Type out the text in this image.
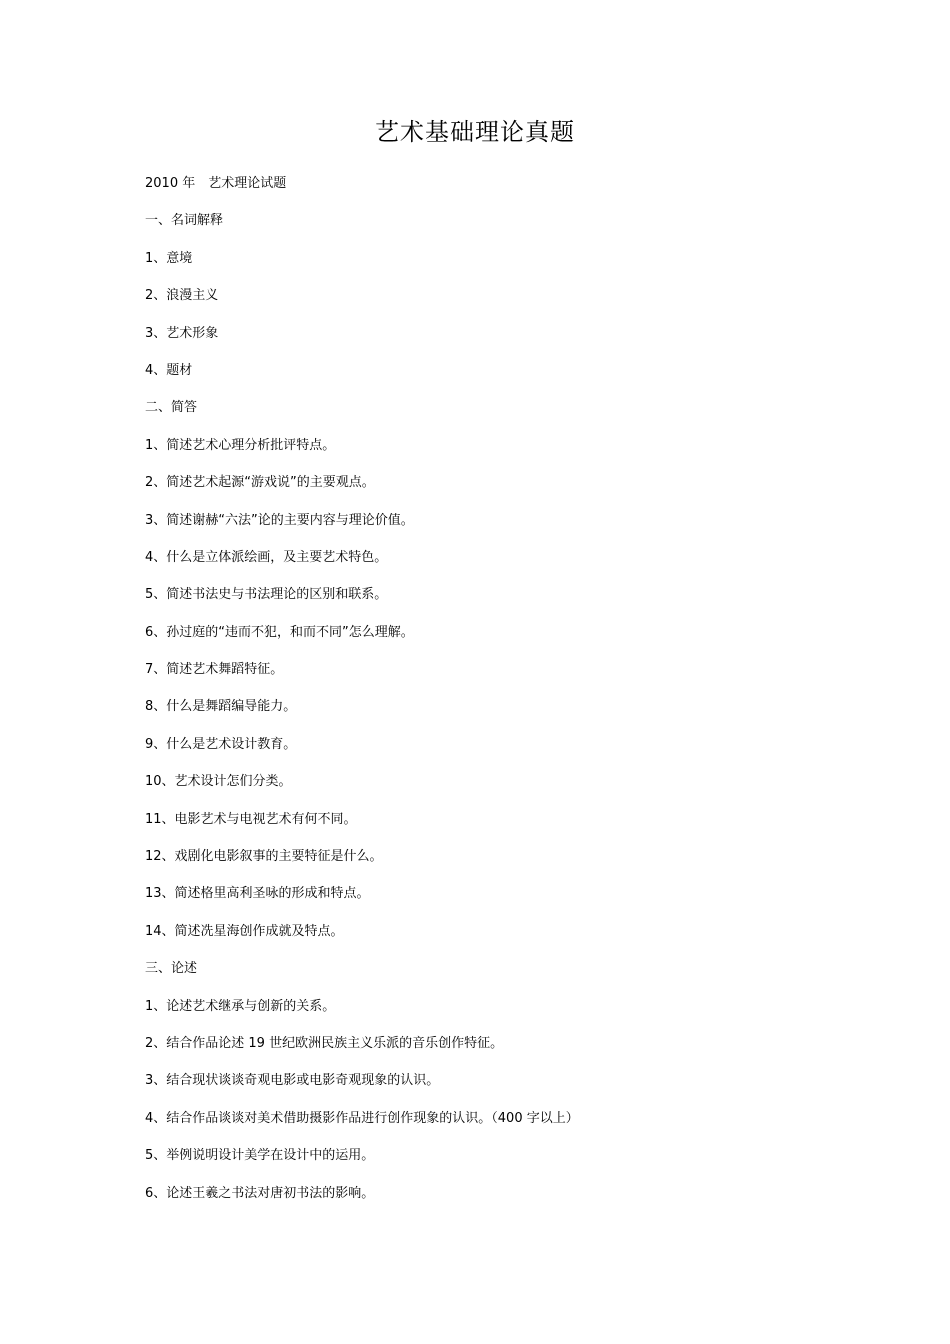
艺术基础理论真题
2010 年　艺术理论试题
一、名词解释
1、意境
2、浪漫主义
3、艺术形象
4、题材
二、简答
1、简述艺术心理分析批评特点。
2、简述艺术起源“游戏说”的主要观点。
3、简述谢赫“六法”论的主要内容与理论价值。
4、什么是立体派绘画，及主要艺术特色。
5、简述书法史与书法理论的区别和联系。
6、孙过庭的“违而不犯，和而不同”怎么理解。
7、简述艺术舞蹈特征。
8、什么是舞蹈编导能力。
9、什么是艺术设计教育。
10、艺术设计怎们分类。
11、电影艺术与电视艺术有何不同。
12、戏剧化电影叙事的主要特征是什么。
13、简述格里高利圣咏的形成和特点。
14、简述冼星海创作成就及特点。
三、论述
1、论述艺术继承与创新的关系。
2、结合作品论述 19 世纪欧洲民族主义乐派的音乐创作特征。
3、结合现状谈谈奇观电影或电影奇观现象的认识。
4、结合作品谈谈对美术借助摄影作品进行创作现象的认识。（400 字以上）
5、举例说明设计美学在设计中的运用。
6、论述王羲之书法对唐初书法的影响。
